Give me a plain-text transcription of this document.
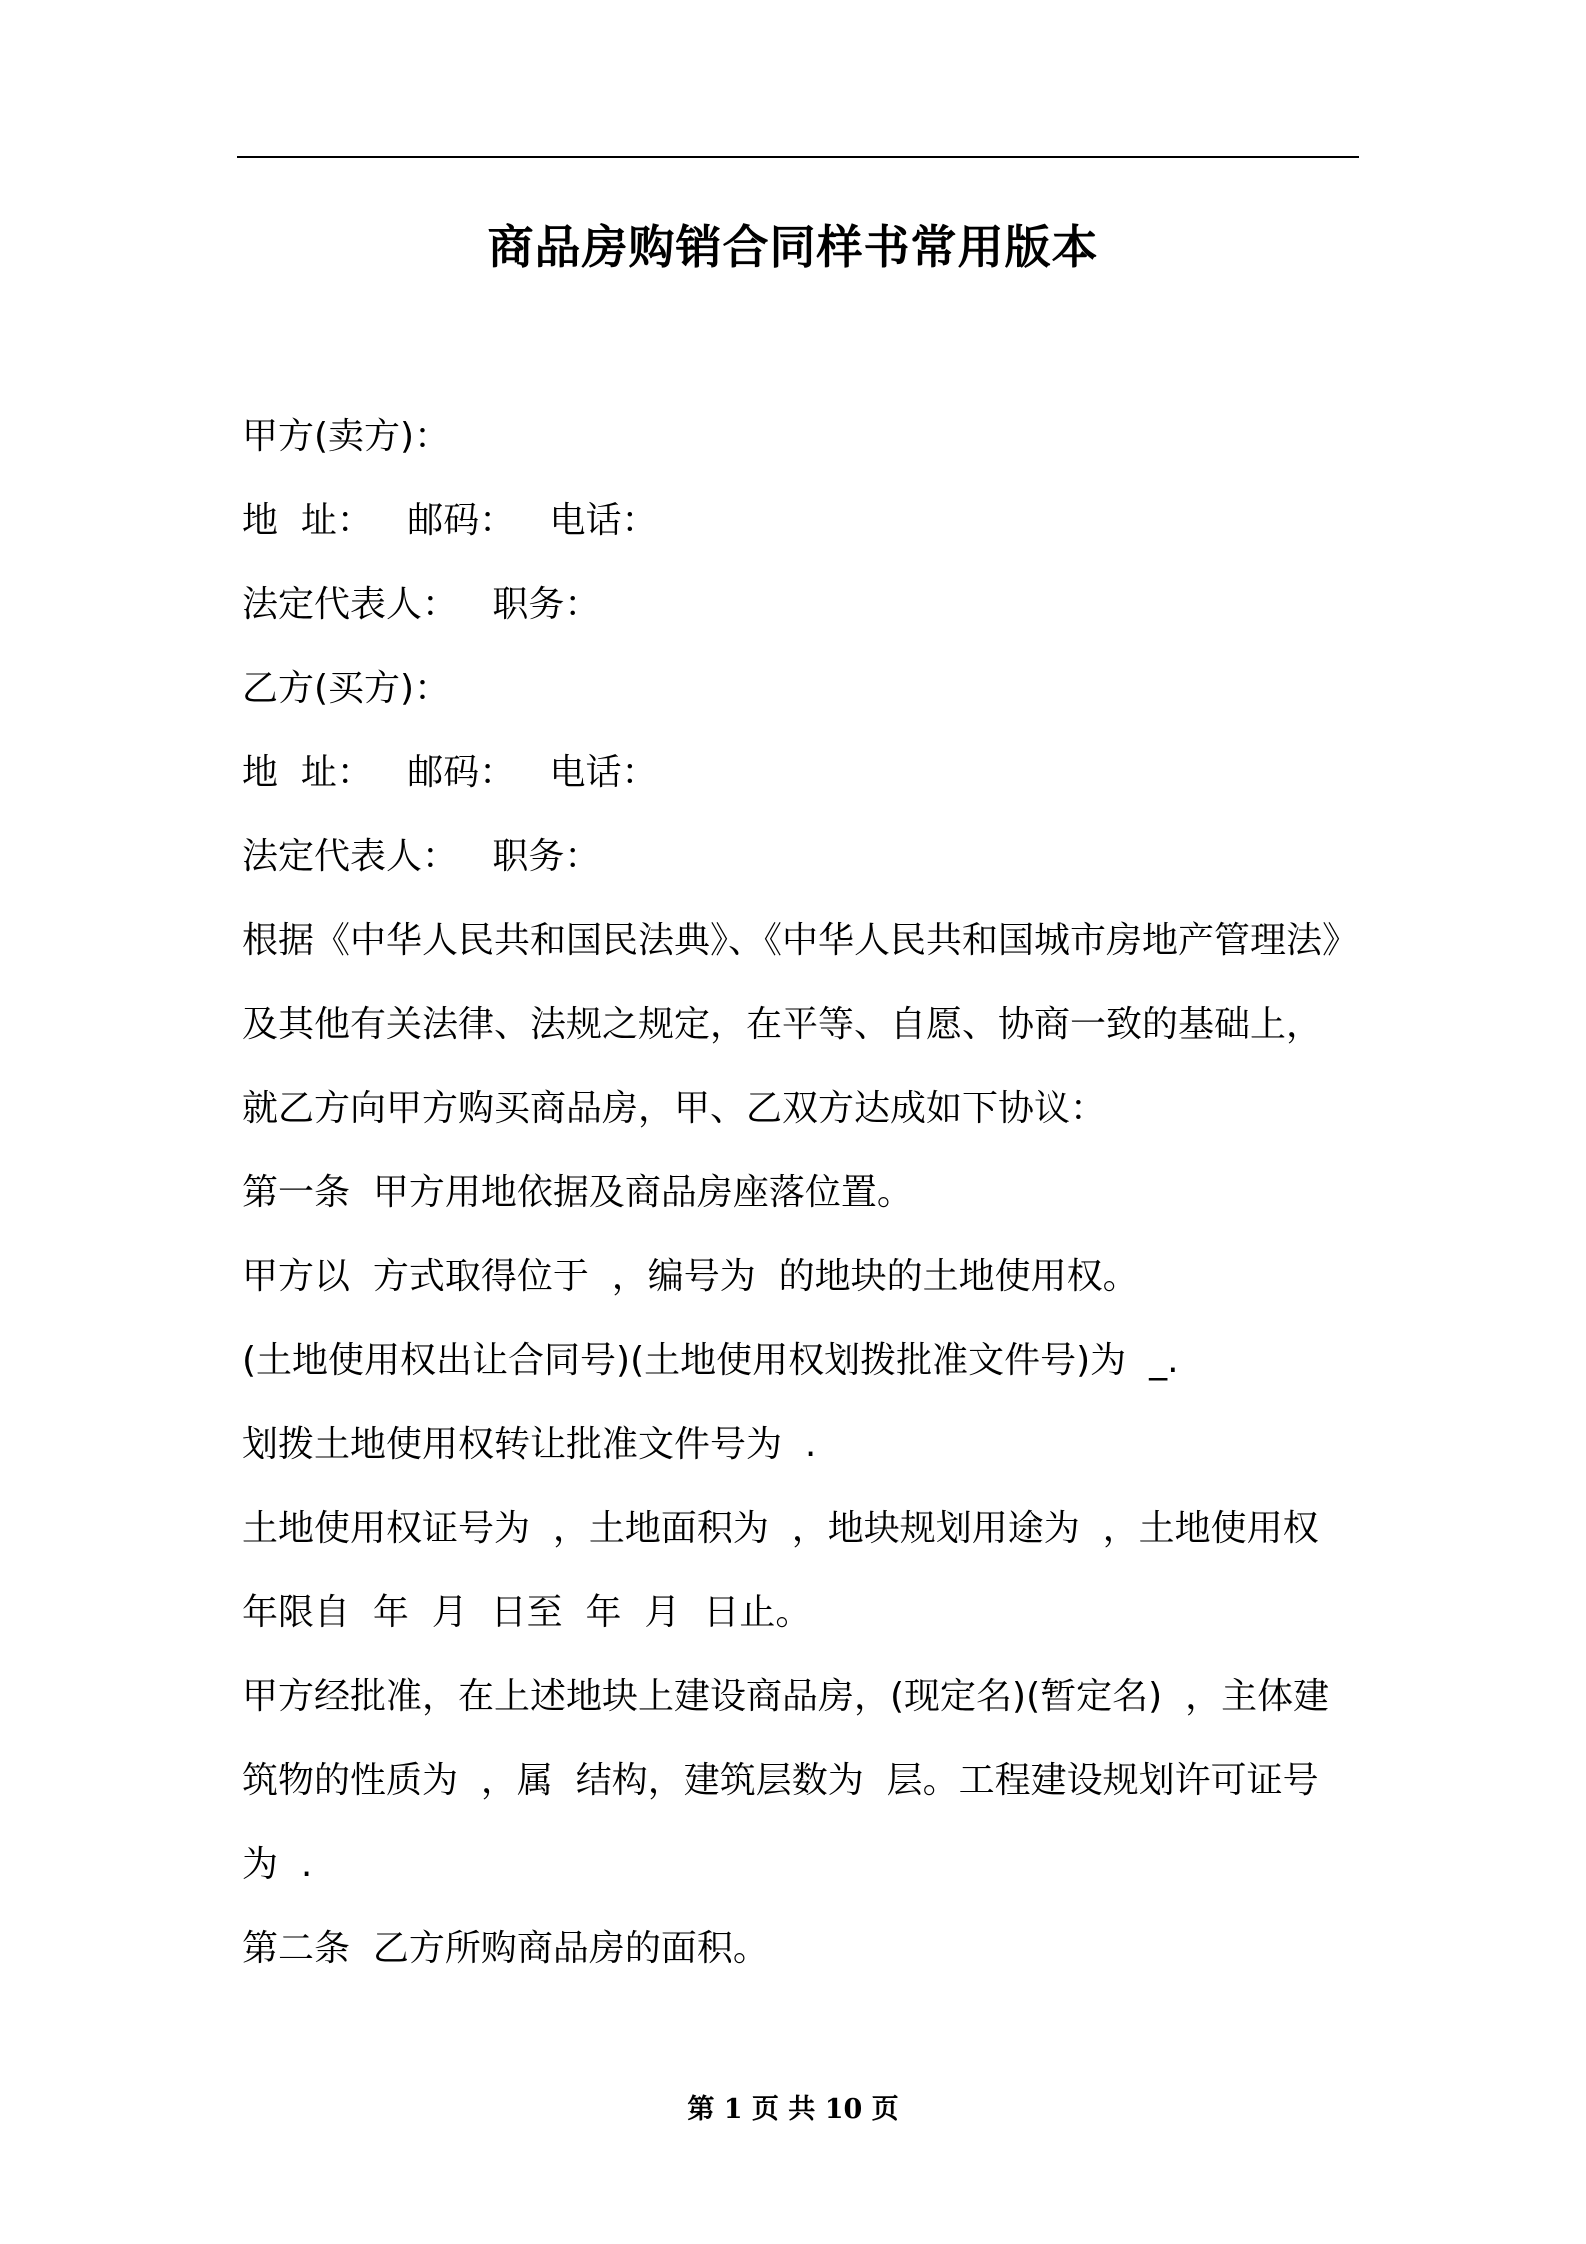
商品房购销合同样书常用版本
甲方(卖方)：
地  址：   邮码：   电话：
法定代表人：   职务：
乙方(买方)：
地  址：   邮码：   电话：
法定代表人：   职务：
根据《中华人民共和国民法典》、《中华人民共和国城市房地产管理法》
及其他有关法律、法规之规定，在平等、自愿、协商一致的基础上，
就乙方向甲方购买商品房，甲、乙双方达成如下协议：
第一条  甲方用地依据及商品房座落位置。
甲方以  方式取得位于  ，编号为  的地块的土地使用权。
(土地使用权出让合同号)(土地使用权划拨批准文件号)为  _.
划拨土地使用权转让批准文件号为  .
土地使用权证号为  ，土地面积为  ，地块规划用途为  ，土地使用权
年限自  年  月  日至  年  月  日止。
甲方经批准，在上述地块上建设商品房，(现定名)(暂定名)  ，主体建
筑物的性质为  ，属  结构，建筑层数为  层。工程建设规划许可证号
为  .
第二条  乙方所购商品房的面积。
第 1 页 共 10 页
